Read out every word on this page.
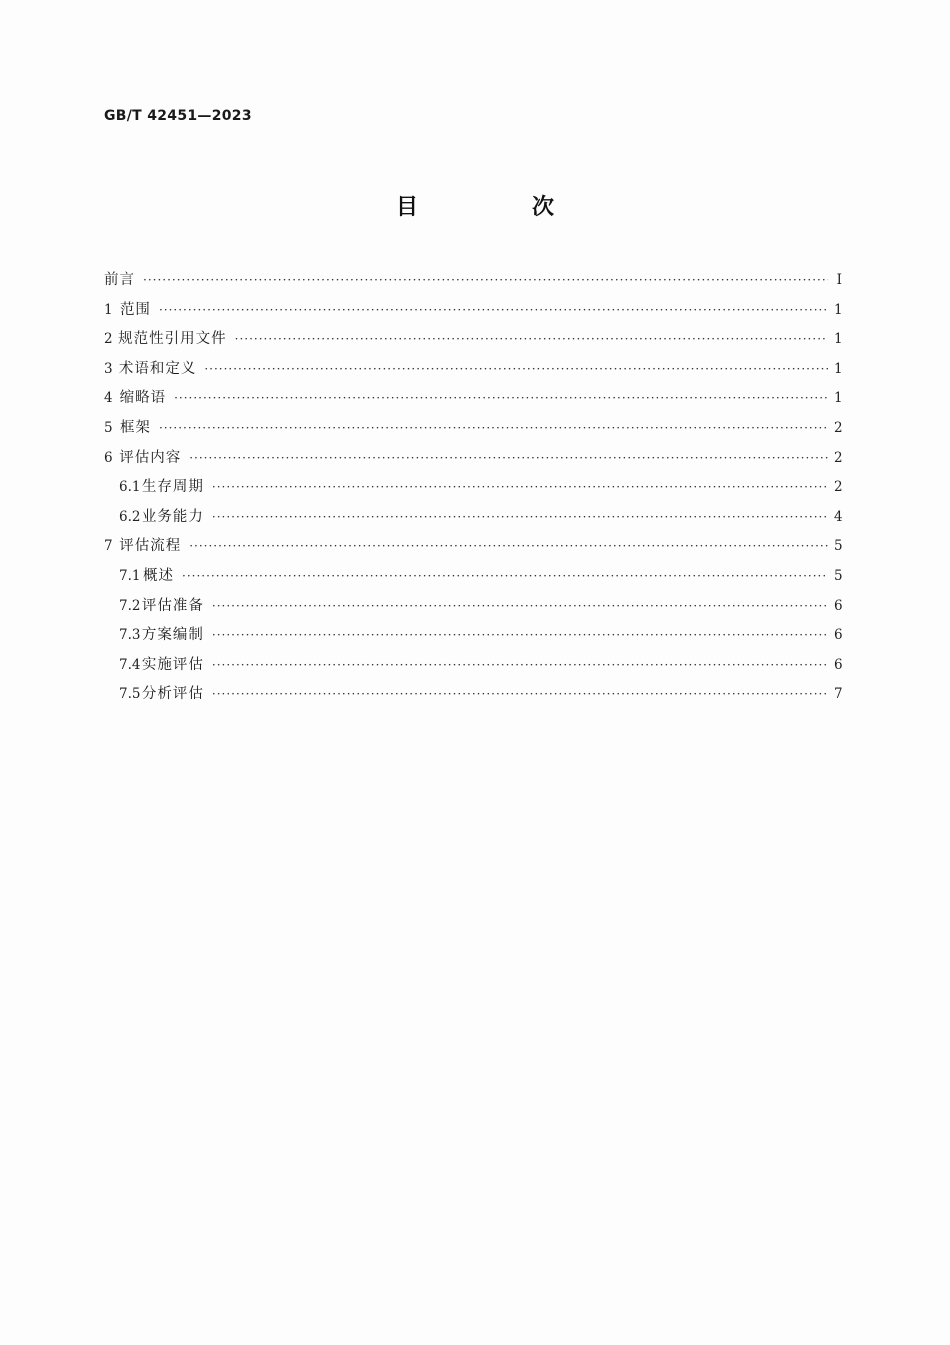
GB/T 42451—2023
目　次
前言 ·····	Ⅰ
1 范围 ·····	1
2 规范性引用文件 ·····	1
3 术语和定义 ·····	1
4 缩略语 ·····	1
5 框架 ·····	2
6 评估内容 ·····	2
6.1 生存周期 ·····	2
6.2 业务能力 ·····	4
7 评估流程 ·····	5
7.1 概述 ·····	5
7.2 评估准备 ·····	6
7.3 方案编制 ·····	6
7.4 实施评估 ·····	6
7.5 分析评估 ·····	7
